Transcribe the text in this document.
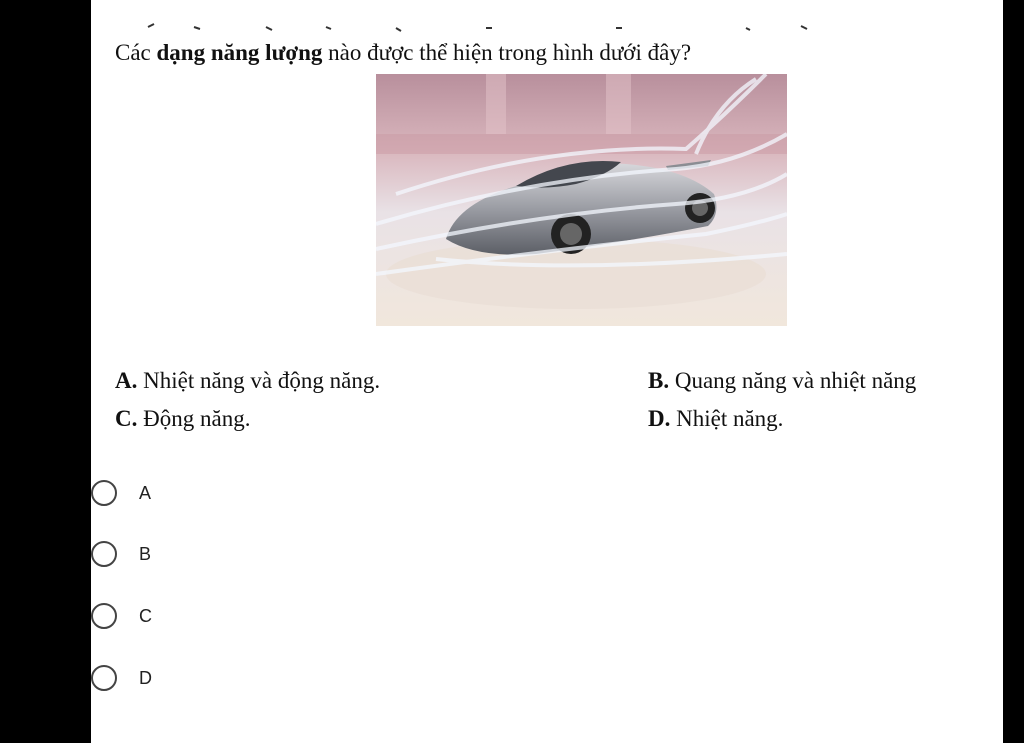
Các dạng năng lượng nào được thể hiện trong hình dưới đây?
A. Nhiệt năng và động năng.	B. Quang năng và nhiệt năng
C. Động năng.	D. Nhiệt năng.
A
B
C
D
